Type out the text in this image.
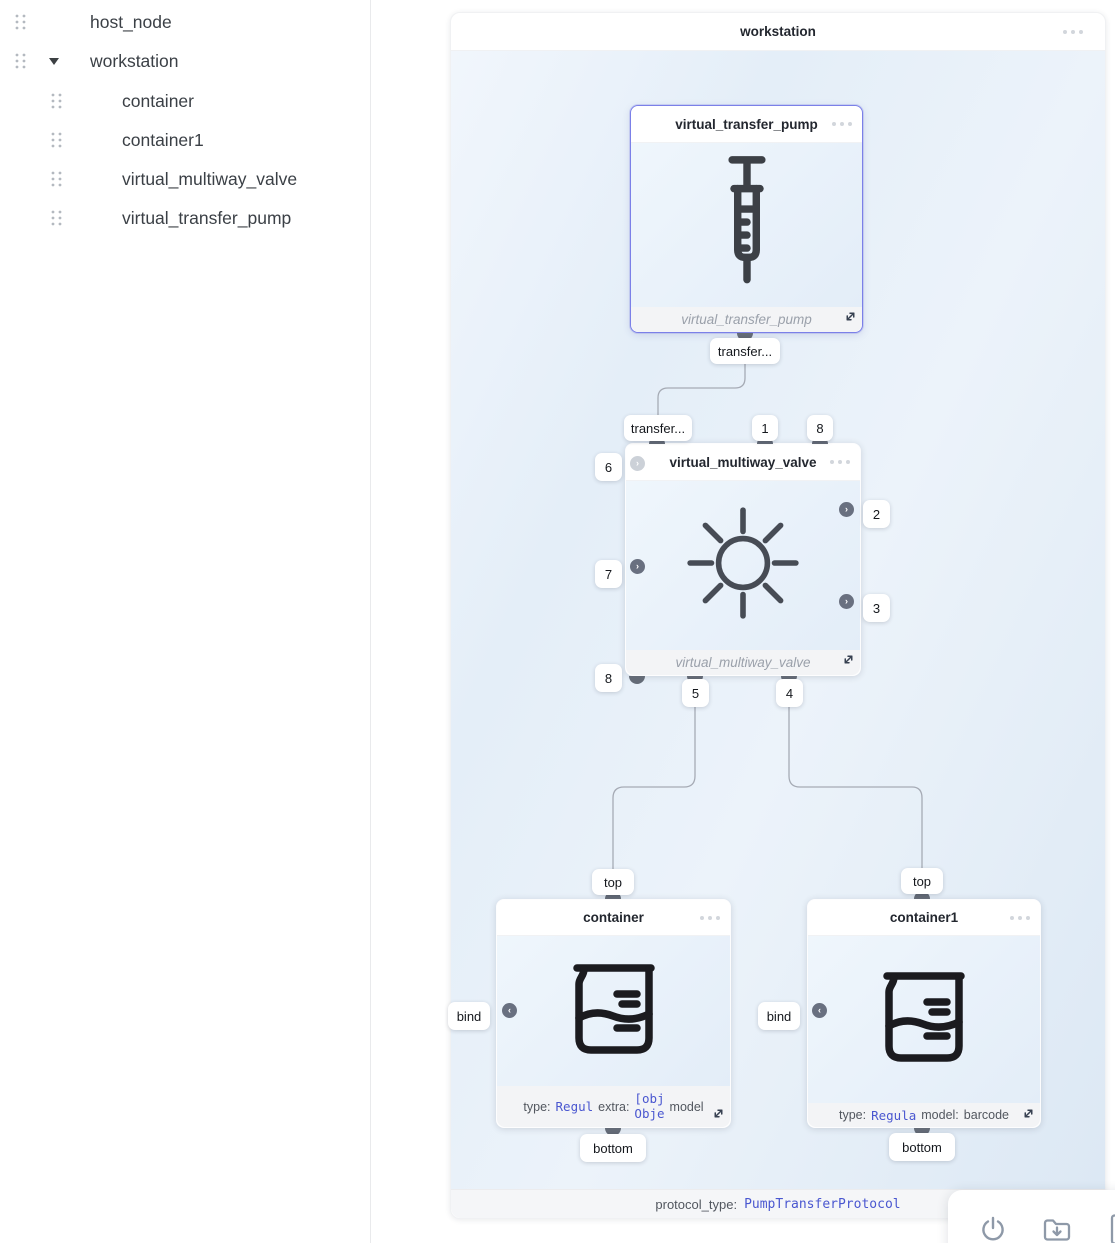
host_node
workstation
container
container1
virtual_multiway_valve
virtual_transfer_pump
workstation
protocol_type: PumpTransferProtocol
virtual_transfer_pump
virtual_transfer_pump
virtual_multiway_valve
virtual_multiway_valve
container
type: Regul extra:
[obj
Obje model
container1
type: Regula model: barcode
›
›
›
›
‹	‹
transfer...
transfer...	1	8
6
7
8
2
3
5	4
top
bind
bottom
top
bind
bottom
